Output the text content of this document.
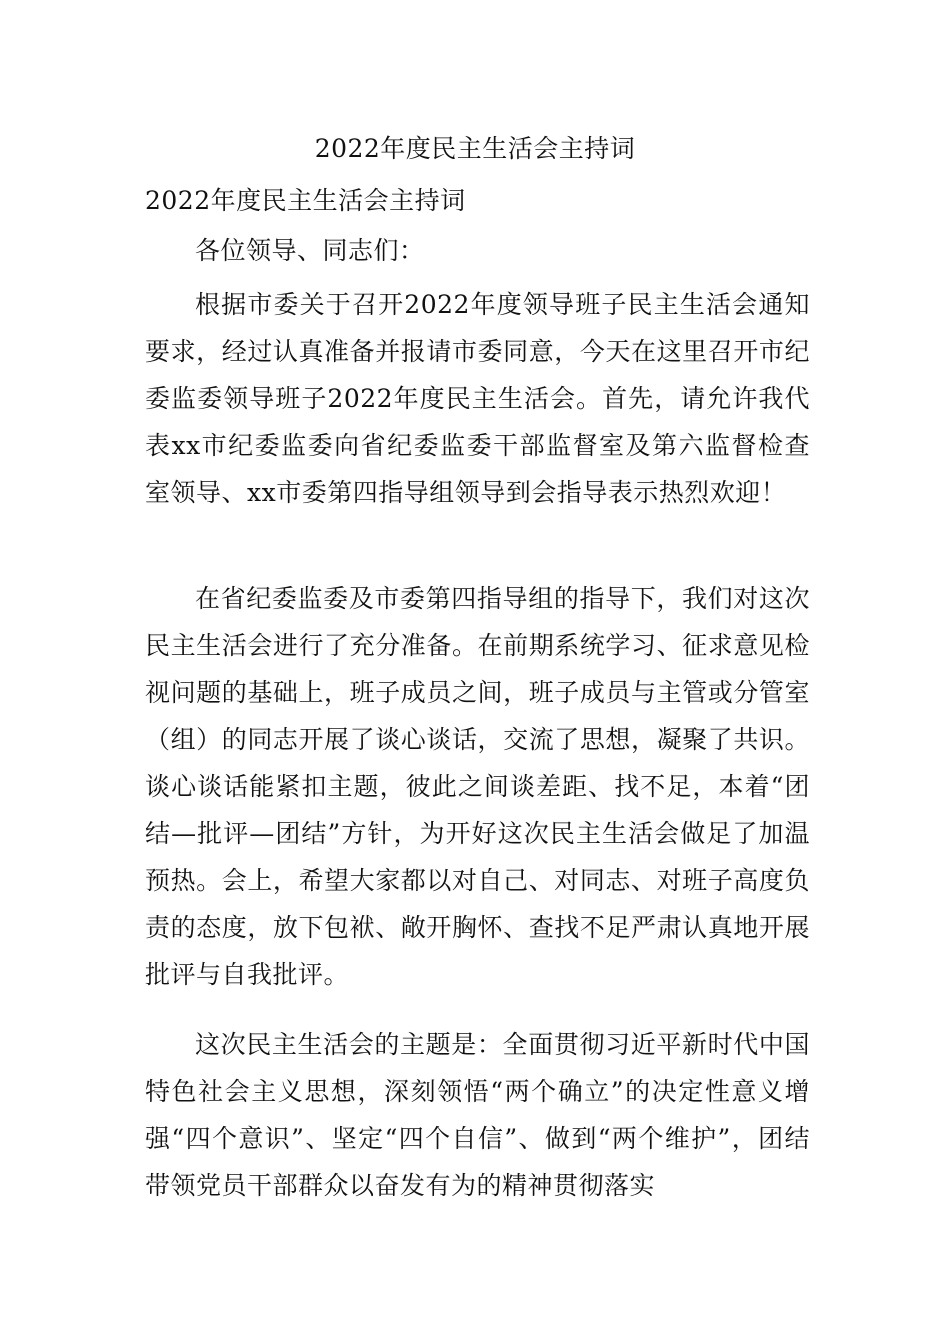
2022年度民主生活会主持词

2022年度民主生活会主持词

各位领导、同志们：

根据市委关于召开2022年度领导班子民主生活会通知要求，经过认真准备并报请市委同意，今天在这里召开市纪委监委领导班子2022年度民主生活会。首先，请允许我代表xx市纪委监委向省纪委监委干部监督室及第六监督检查室领导、xx市委第四指导组领导到会指导表示热烈欢迎！

在省纪委监委及市委第四指导组的指导下，我们对这次民主生活会进行了充分准备。在前期系统学习、征求意见检视问题的基础上，班子成员之间，班子成员与主管或分管室（组）的同志开展了谈心谈话，交流了思想，凝聚了共识。谈心谈话能紧扣主题，彼此之间谈差距、找不足，本着“团结—批评—团结”方针，为开好这次民主生活会做足了加温预热。会上，希望大家都以对自己、对同志、对班子高度负责的态度，放下包袱、敞开胸怀、查找不足严肃认真地开展批评与自我批评。

这次民主生活会的主题是：全面贯彻习近平新时代中国特色社会主义思想，深刻领悟“两个确立”的决定性意义增强“四个意识”、坚定“四个自信”、做到“两个维护”，团结带领党员干部群众以奋发有为的精神贯彻落实
